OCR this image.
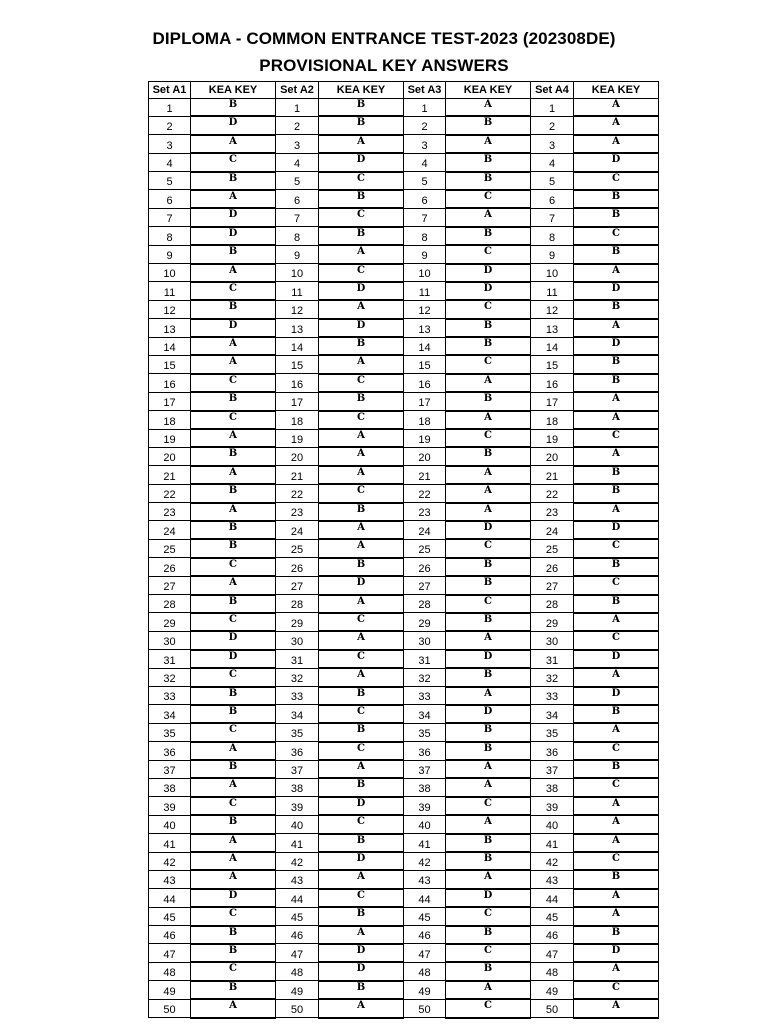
DIPLOMA - COMMON ENTRANCE TEST-2023 (202308DE)
PROVISIONAL KEY ANSWERS
Set A1	KEA KEY	Set A2	KEA KEY	Set A3	KEA KEY	Set A4	KEA KEY
1	B	1	B	1	A	1	A
2	D	2	B	2	B	2	A
3	A	3	A	3	A	3	A
4	C	4	D	4	B	4	D
5	B	5	C	5	B	5	C
6	A	6	B	6	C	6	B
7	D	7	C	7	A	7	B
8	D	8	B	8	B	8	C
9	B	9	A	9	C	9	B
10	A	10	C	10	D	10	A
11	C	11	D	11	D	11	D
12	B	12	A	12	C	12	B
13	D	13	D	13	B	13	A
14	A	14	B	14	B	14	D
15	A	15	A	15	C	15	B
16	C	16	C	16	A	16	B
17	B	17	B	17	B	17	A
18	C	18	C	18	A	18	A
19	A	19	A	19	C	19	C
20	B	20	A	20	B	20	A
21	A	21	A	21	A	21	B
22	B	22	C	22	A	22	B
23	A	23	B	23	A	23	A
24	B	24	A	24	D	24	D
25	B	25	A	25	C	25	C
26	C	26	B	26	B	26	B
27	A	27	D	27	B	27	C
28	B	28	A	28	C	28	B
29	C	29	C	29	B	29	A
30	D	30	A	30	A	30	C
31	D	31	C	31	D	31	D
32	C	32	A	32	B	32	A
33	B	33	B	33	A	33	D
34	B	34	C	34	D	34	B
35	C	35	B	35	B	35	A
36	A	36	C	36	B	36	C
37	B	37	A	37	A	37	B
38	A	38	B	38	A	38	C
39	C	39	D	39	C	39	A
40	B	40	C	40	A	40	A
41	A	41	B	41	B	41	A
42	A	42	D	42	B	42	C
43	A	43	A	43	A	43	B
44	D	44	C	44	D	44	A
45	C	45	B	45	C	45	A
46	B	46	A	46	B	46	B
47	B	47	D	47	C	47	D
48	C	48	D	48	B	48	A
49	B	49	B	49	A	49	C
50	A	50	A	50	C	50	A
